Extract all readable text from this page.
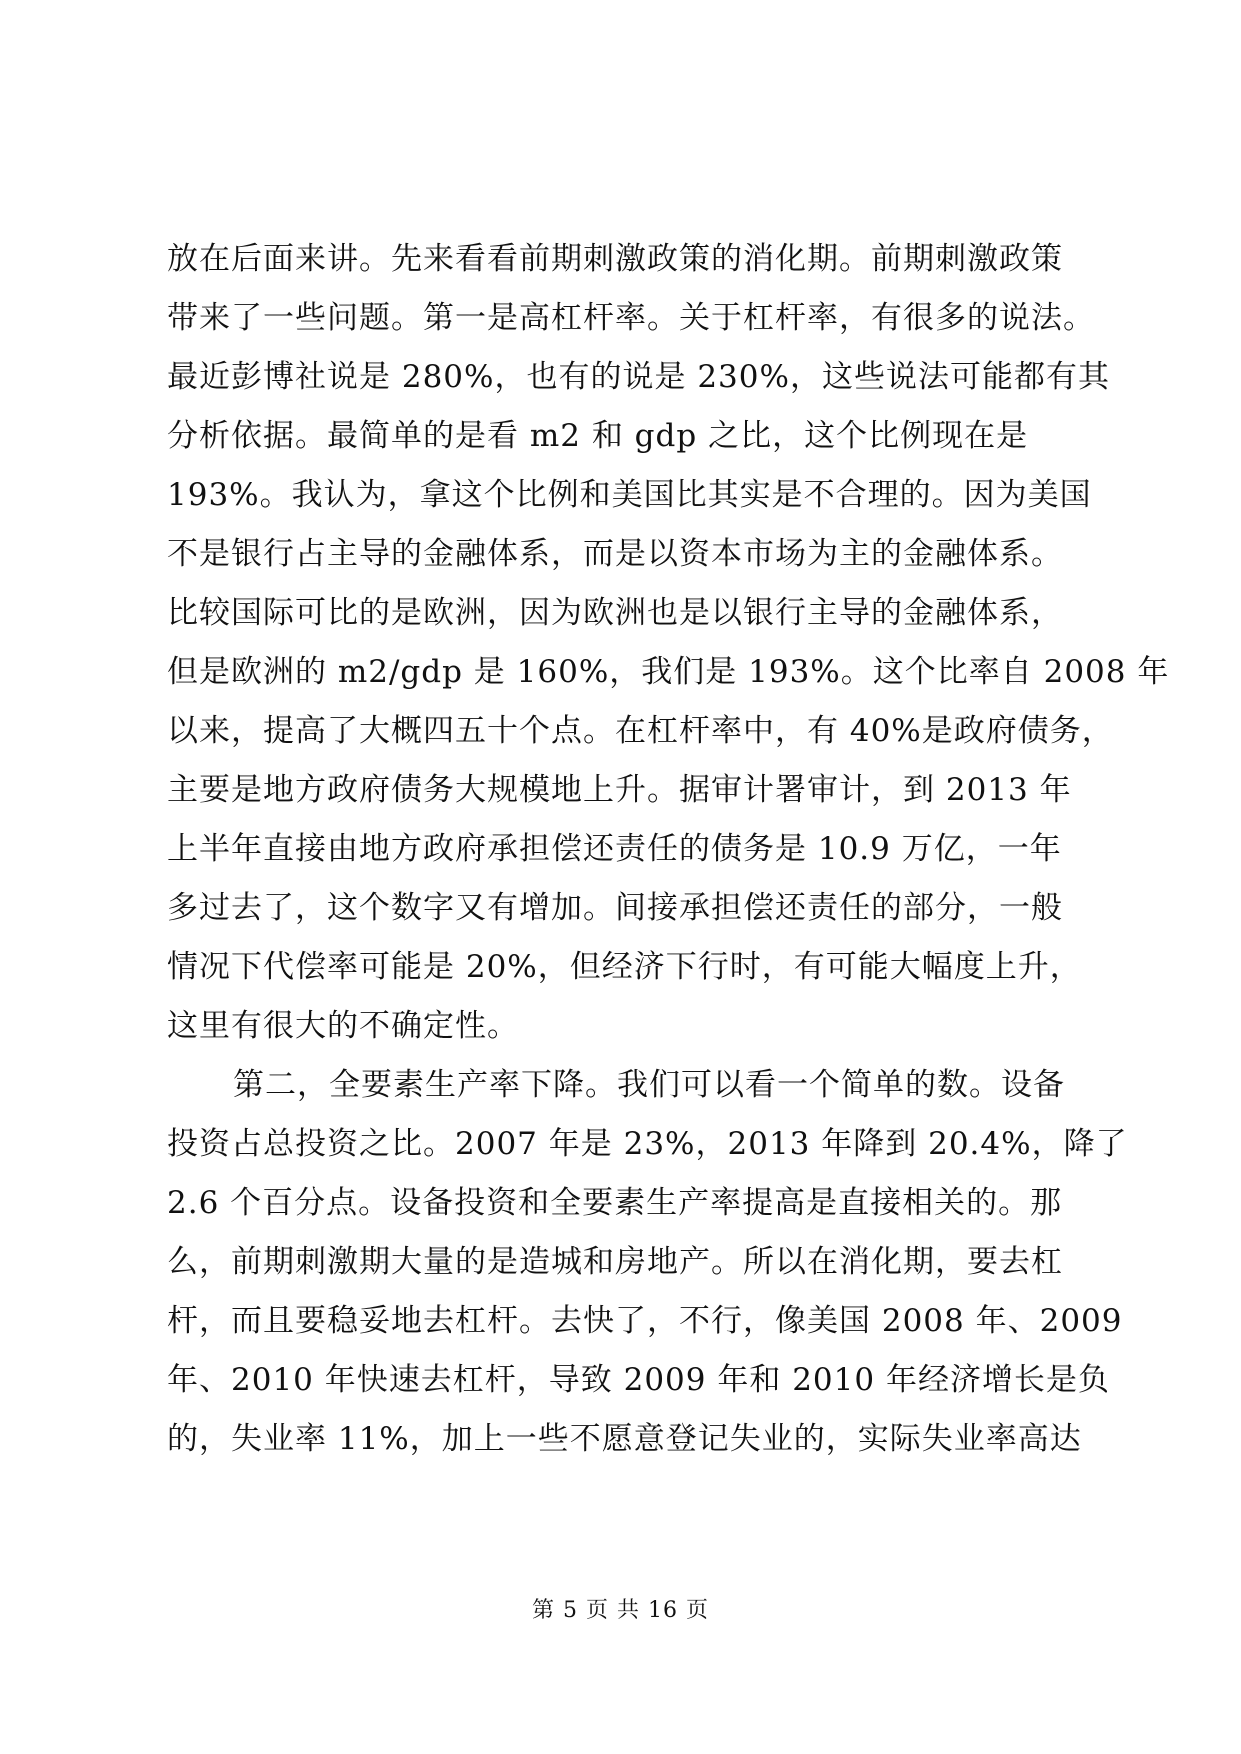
放在后面来讲。先来看看前期刺激政策的消化期。前期刺激政策
带来了一些问题。第一是高杠杆率。关于杠杆率，有很多的说法。
最近彭博社说是 280%，也有的说是 230%，这些说法可能都有其
分析依据。最简单的是看 m2 和 gdp 之比，这个比例现在是
193%。我认为，拿这个比例和美国比其实是不合理的。因为美国
不是银行占主导的金融体系，而是以资本市场为主的金融体系。
比较国际可比的是欧洲，因为欧洲也是以银行主导的金融体系，
但是欧洲的 m2/gdp 是 160%，我们是 193%。这个比率自 2008 年
以来，提高了大概四五十个点。在杠杆率中，有 40%是政府债务，
主要是地方政府债务大规模地上升。据审计署审计，到 2013 年
上半年直接由地方政府承担偿还责任的债务是 10.9 万亿，一年
多过去了，这个数字又有增加。间接承担偿还责任的部分，一般
情况下代偿率可能是 20%，但经济下行时，有可能大幅度上升，
这里有很大的不确定性。
第二，全要素生产率下降。我们可以看一个简单的数。设备
投资占总投资之比。2007 年是 23%，2013 年降到 20.4%，降了
2.6 个百分点。设备投资和全要素生产率提高是直接相关的。那
么，前期刺激期大量的是造城和房地产。所以在消化期，要去杠
杆，而且要稳妥地去杠杆。去快了，不行，像美国 2008 年、2009
年、2010 年快速去杠杆，导致 2009 年和 2010 年经济增长是负
的，失业率 11%，加上一些不愿意登记失业的，实际失业率高达
第 5 页 共 16 页
